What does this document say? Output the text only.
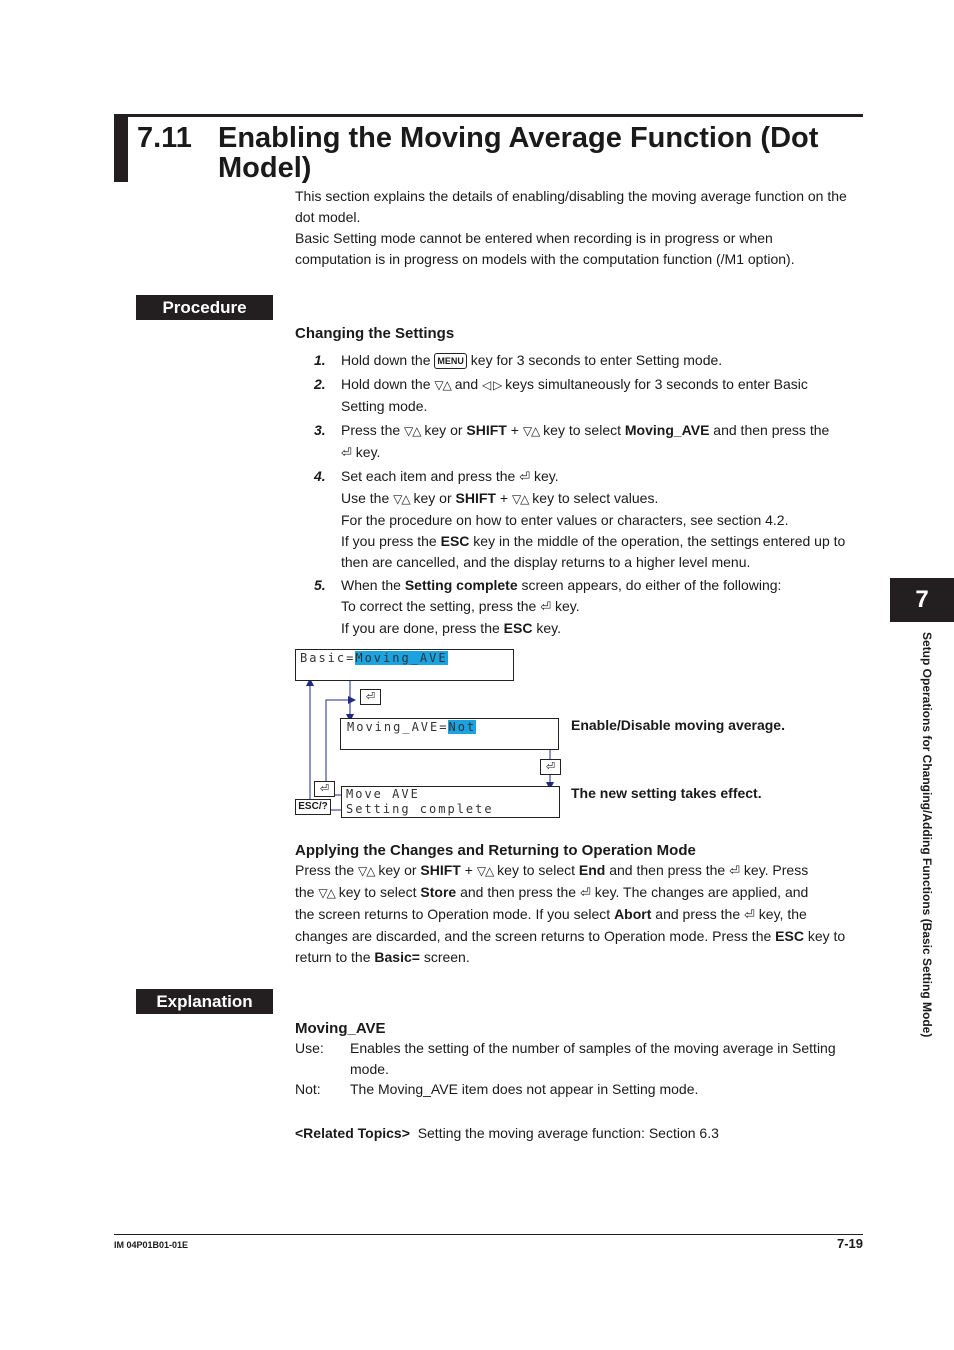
7.11 Enabling the Moving Average Function (Dot
Model)
This section explains the details of enabling/disabling the moving average function on the
dot model.
Basic Setting mode cannot be entered when recording is in progress or when
computation is in progress on models with the computation function (/M1 option).
Procedure
Changing the Settings
1. Hold down the MENU key for 3 seconds to enter Setting mode.
2. Hold down the ▽△ and ◁ ▷ keys simultaneously for 3 seconds to enter Basic
Setting mode.
3. Press the ▽△ key or SHIFT + ▽△ key to select Moving_AVE and then press the
⏎ key.
4. Set each item and press the ⏎ key.
Use the ▽△ key or SHIFT + ▽△ key to select values.
For the procedure on how to enter values or characters, see section 4.2.
If you press the ESC key in the middle of the operation, the settings entered up to
then are cancelled, and the display returns to a higher level menu.
5. When the Setting complete screen appears, do either of the following:
To correct the setting, press the ⏎ key.
If you are done, press the ESC key.
Basic=Moving_AVE
⏎
Moving_AVE=Not	Enable/Disable moving average.
⏎
⏎
ESC/?
Move AVE
Setting complete
The new setting takes effect.
Applying the Changes and Returning to Operation Mode
Press the ▽△ key or SHIFT + ▽△ key to select End and then press the ⏎ key. Press
the ▽△ key to select Store and then press the ⏎ key. The changes are applied, and
the screen returns to Operation mode. If you select Abort and press the ⏎ key, the
changes are discarded, and the screen returns to Operation mode. Press the ESC key to
return to the Basic= screen.
Explanation
Moving_AVE
Use: Enables the setting of the number of samples of the moving average in Setting
mode.
Not: The Moving_AVE item does not appear in Setting mode.
<Related Topics> Setting the moving average function: Section 6.3
7
Setup Operations for Changing/Adding Functions (Basic Setting Mode)
IM 04P01B01-01E	7-19
